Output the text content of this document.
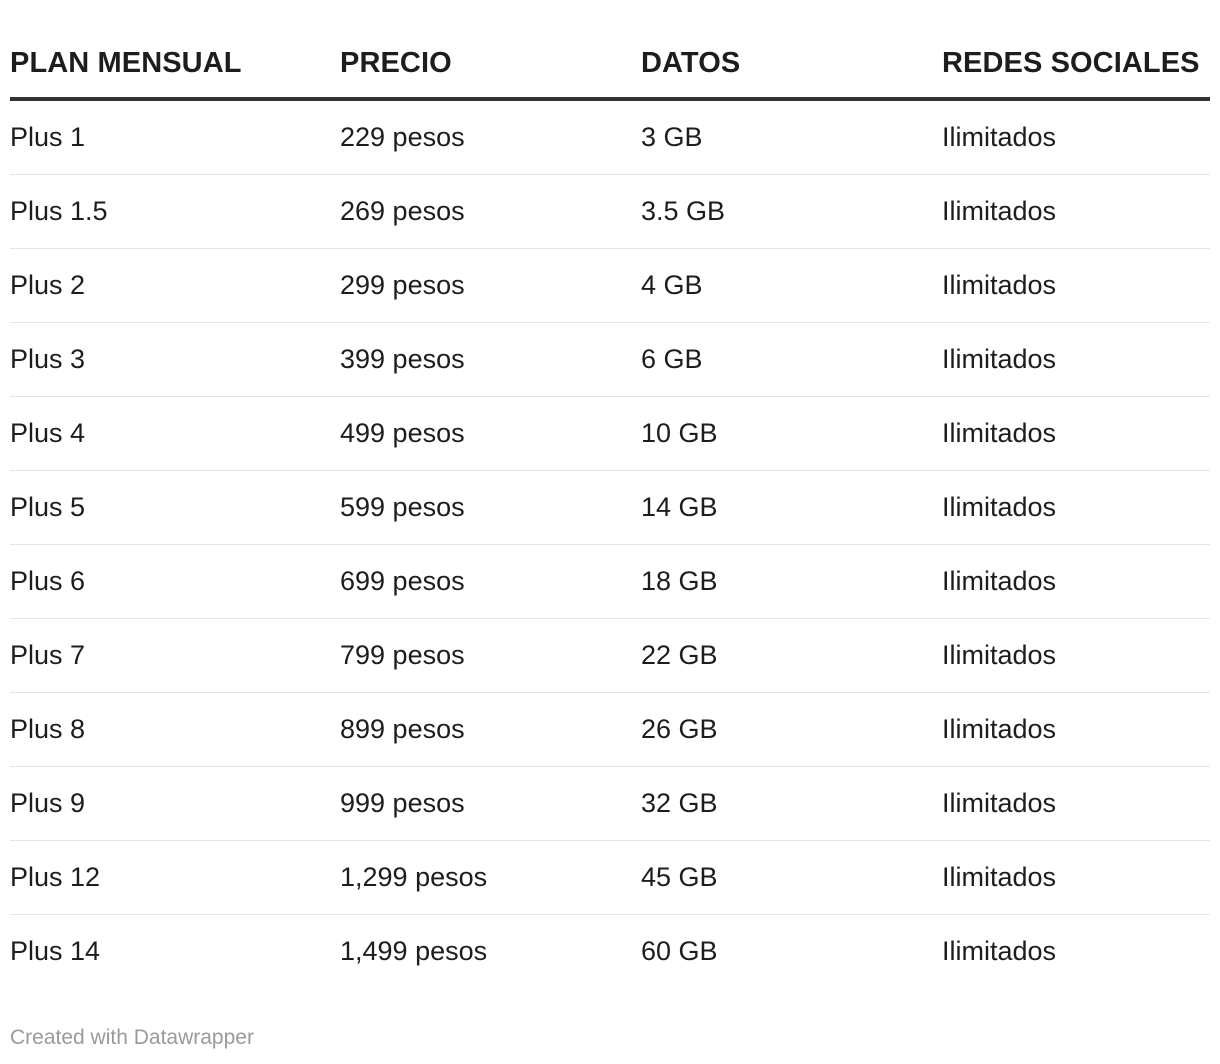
PLAN MENSUAL	PRECIO	DATOS	REDES SOCIALES
Plus 1	229 pesos	3 GB	Ilimitados
Plus 1.5	269 pesos	3.5 GB	Ilimitados
Plus 2	299 pesos	4 GB	Ilimitados
Plus 3	399 pesos	6 GB	Ilimitados
Plus 4	499 pesos	10 GB	Ilimitados
Plus 5	599 pesos	14 GB	Ilimitados
Plus 6	699 pesos	18 GB	Ilimitados
Plus 7	799 pesos	22 GB	Ilimitados
Plus 8	899 pesos	26 GB	Ilimitados
Plus 9	999 pesos	32 GB	Ilimitados
Plus 12	1,299 pesos	45 GB	Ilimitados
Plus 14	1,499 pesos	60 GB	Ilimitados
Created with Datawrapper
